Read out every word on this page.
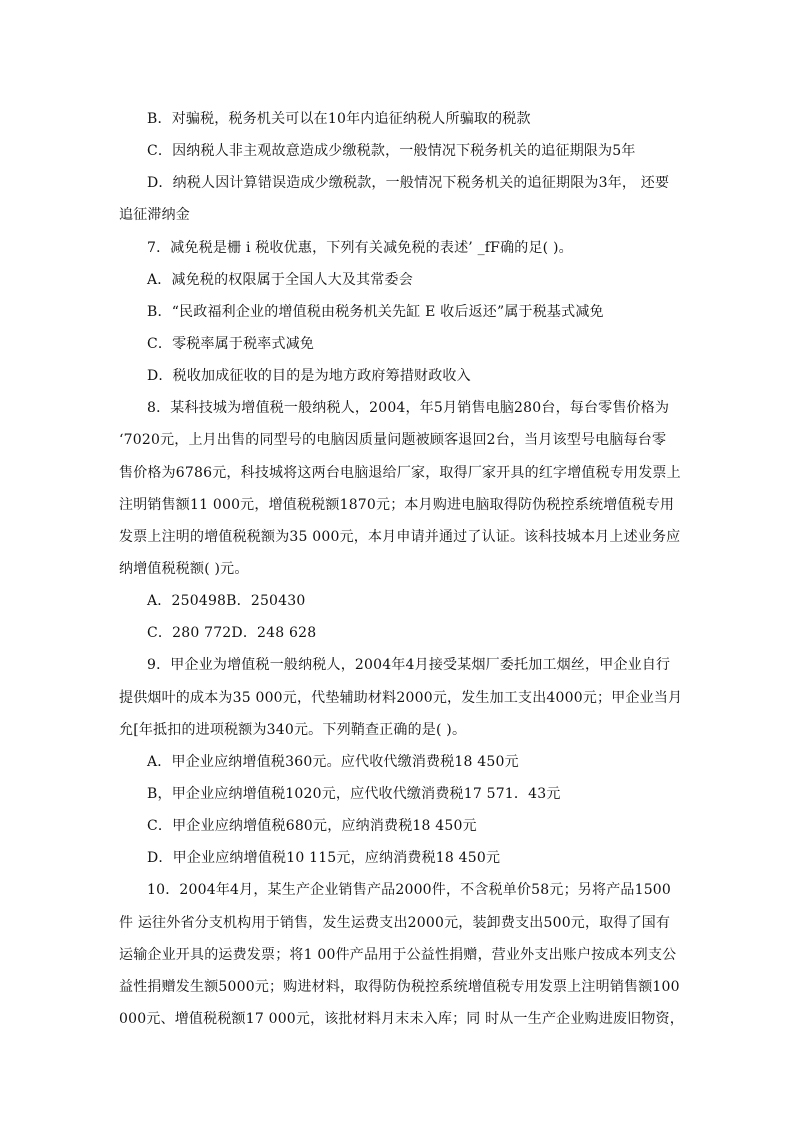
B．对骗税，税务机关可以在10年内追征纳税人所骗取的税款
C．因纳税人非主观故意造成少缴税款，一般情况下税务机关的追征期限为5年
D．纳税人因计算错误造成少缴税款，一般情况下税务机关的追征期限为3年， 还要
追征滞纳金
7．减免税是栅 i 税收优惠，下列有关减免税的表述’ _fF确的足( )。
A．减免税的权限属于全国人大及其常委会
B．“民政福利企业的增值税由税务机关先缸 E 收后返还”属于税基式减免
C．零税率属于税率式减免
D．税收加成征收的目的是为地方政府筹措财政收入
8．某科技城为增值税一般纳税人，2004，年5月销售电脑280台，每台零售价格为
‘7020元，上月出售的同型号的电脑因质量问题被顾客退回2台，当月该型号电脑每台零
售价格为6786元，科技城将这两台电脑退给厂家，取得厂家开具的红字增值税专用发票上
注明销售额11 000元，增值税税额1870元；本月购进电脑取得防伪税控系统增值税专用
发票上注明的增值税税额为35 000元，本月申请并通过了认证。该科技城本月上述业务应
纳增值税税额( )元。
A．250498B．250430
C．280 772D．248 628
9．甲企业为增值税一般纳税人，2004年4月接受某烟厂委托加工烟丝，甲企业自行
提供烟叶的成本为35 000元，代垫辅助材料2000元，发生加工支出4000元；甲企业当月
允[年抵扣的进项税额为340元。下列鞘查正确的是( )。
A．甲企业应纳增值税360元。应代收代缴消费税18 450元
B，甲企业应纳增值税1020元，应代收代缴消费税17 571．43元
C．甲企业应纳增值税680元，应纳消费税18 450元
D．甲企业应纳增值税10 115元，应纳消费税18 450元
10．2004年4月，某生产企业销售产品2000件，不含税单价58元；另将产品1500
件 运往外省分支机构用于销售，发生运费支出2000元，装卸费支出500元，取得了国有
运输企业开具的运费发票；将1 00件产品用于公益性捐赠，营业外支出账户按成本列支公
益性捐赠发生额5000元；购进材料，取得防伪税控系统增值税专用发票上注明销售额100
000元、增值税税额17 000元，该批材料月末未入库；同 时从一生产企业购进废旧物资，
